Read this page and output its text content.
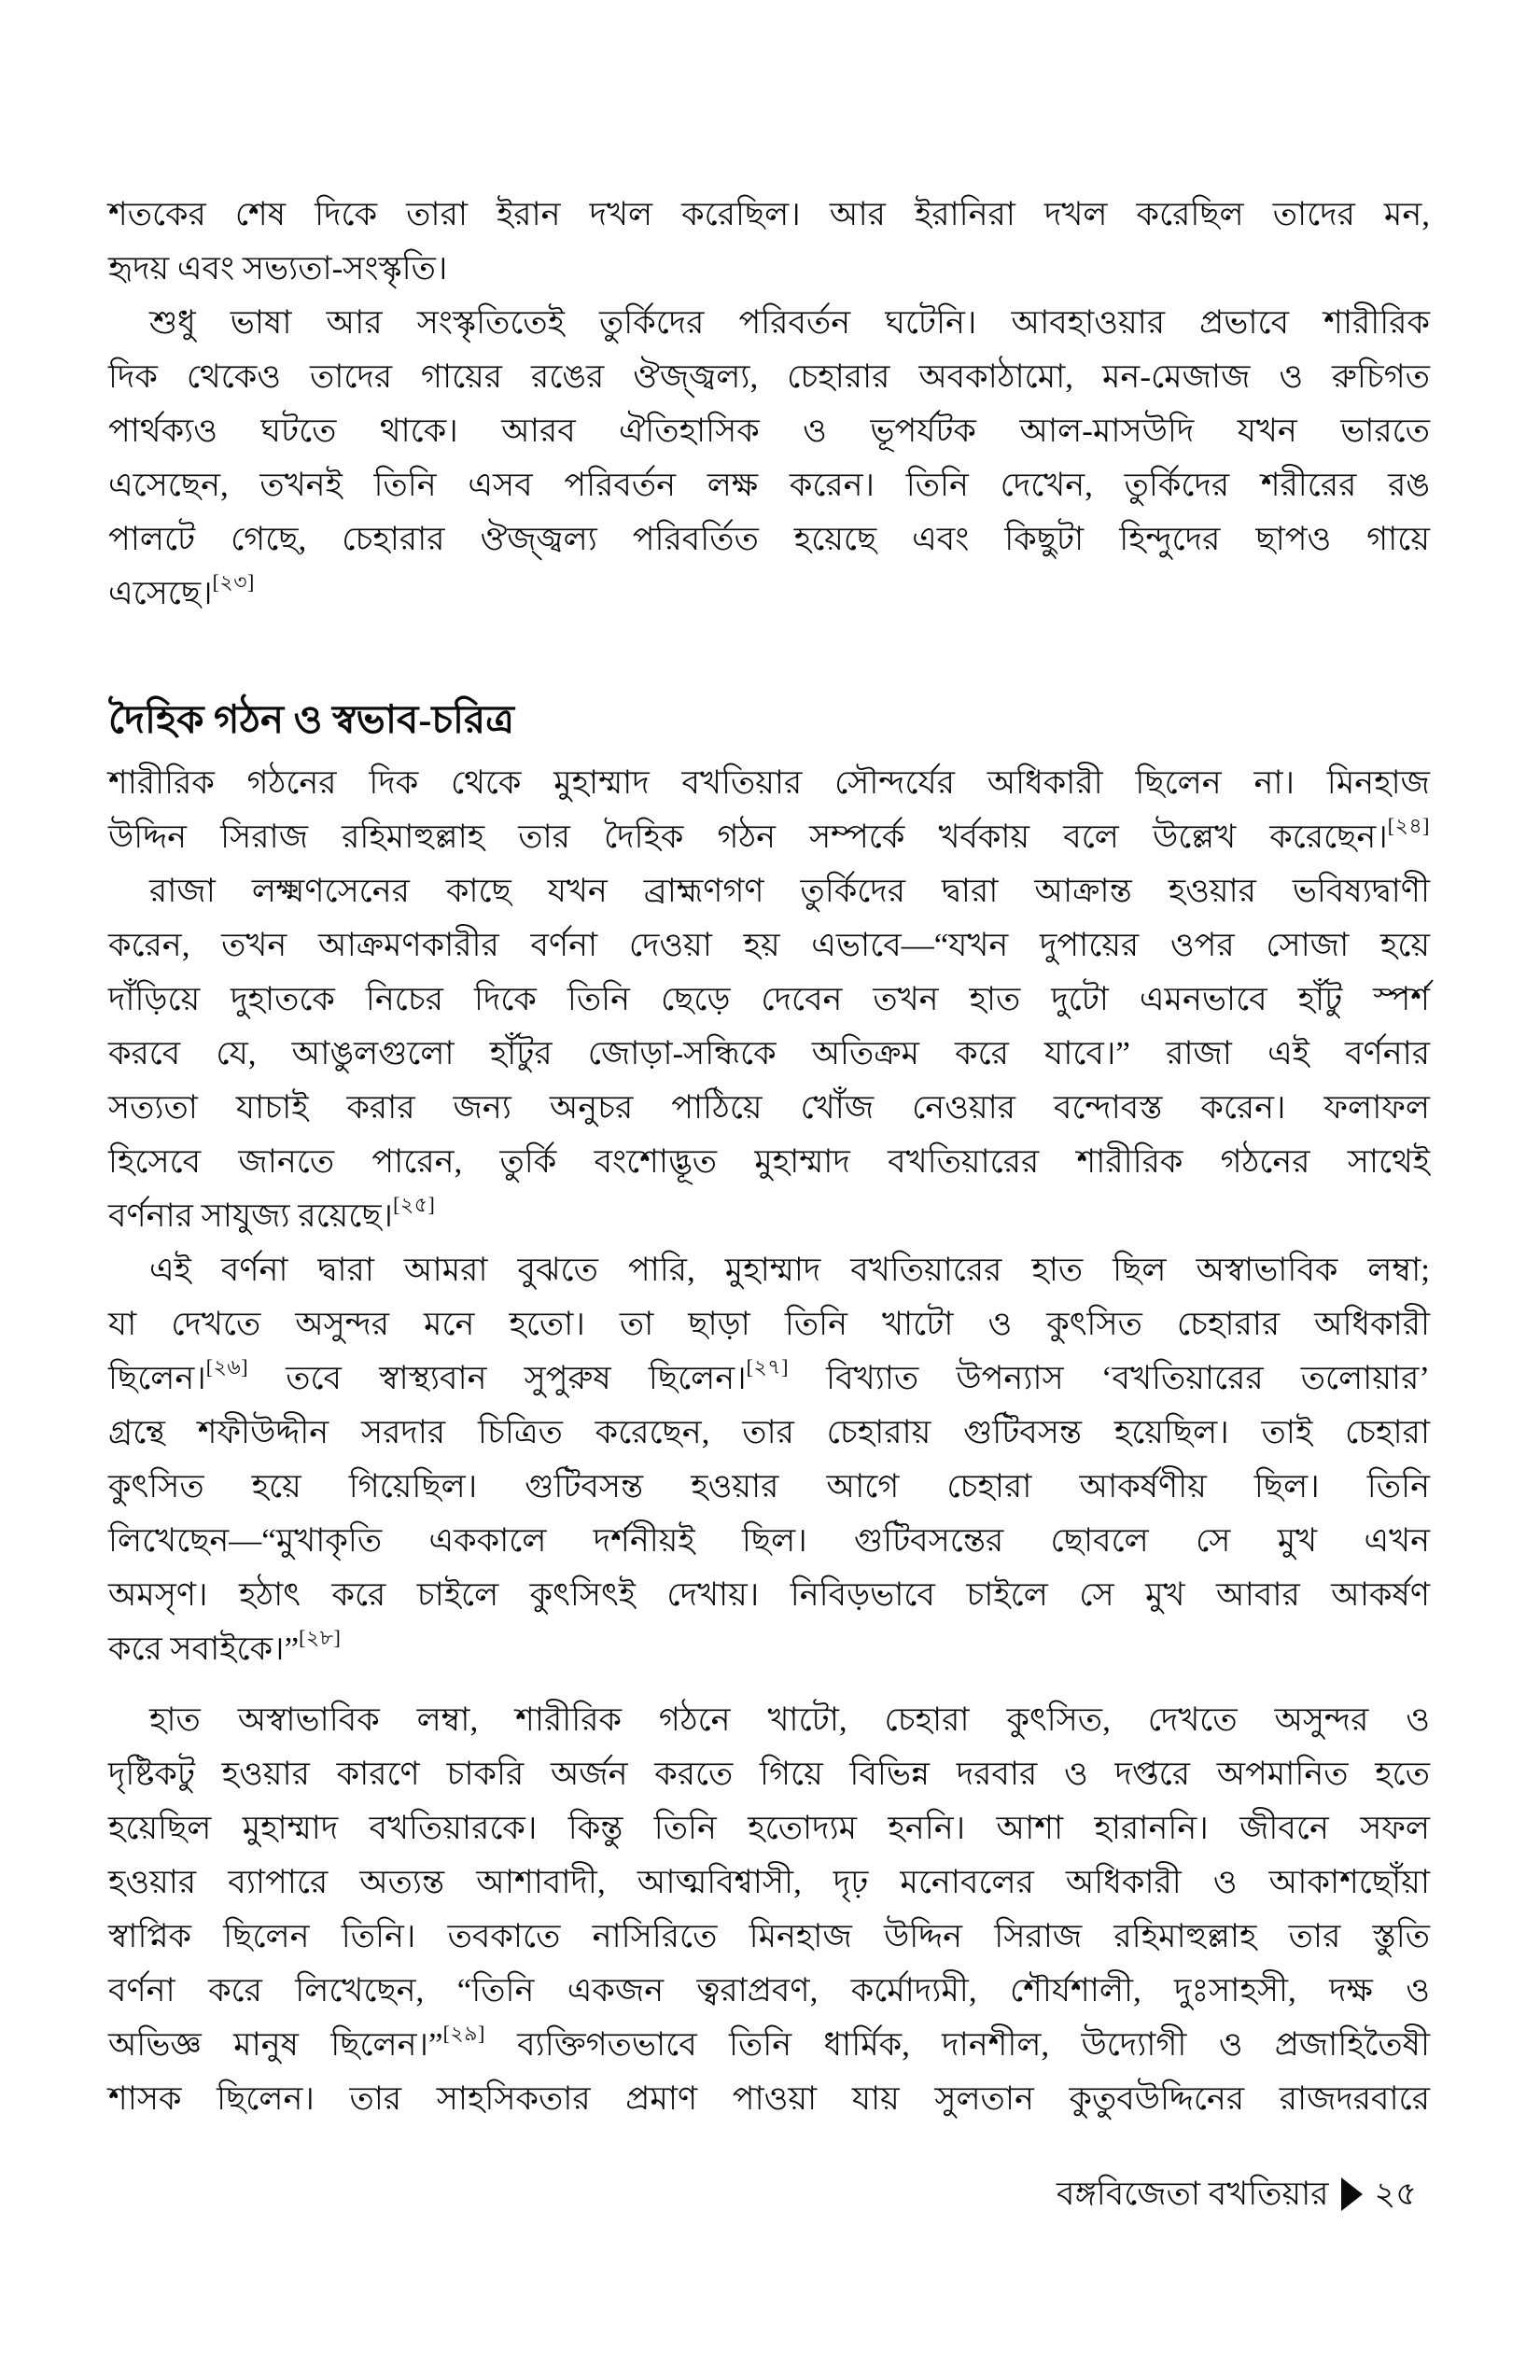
শতকের শেষ দিকে তারা ইরান দখল করেছিল। আর ইরানিরা দখল করেছিল তাদের মন,
হৃদয় এবং সভ্যতা-সংস্কৃতি।
শুধু ভাষা আর সংস্কৃতিতেই তুর্কিদের পরিবর্তন ঘটেনি। আবহাওয়ার প্রভাবে শারীরিক
দিক থেকেও তাদের গায়ের রঙের ঔজ্জ্বল্য, চেহারার অবকাঠামো, মন-মেজাজ ও রুচিগত
পার্থক্যও ঘটতে থাকে। আরব ঐতিহাসিক ও ভূপর্যটক আল-মাসউদি যখন ভারতে
এসেছেন, তখনই তিনি এসব পরিবর্তন লক্ষ করেন। তিনি দেখেন, তুর্কিদের শরীরের রঙ
পালটে গেছে, চেহারার ঔজ্জ্বল্য পরিবর্তিত হয়েছে এবং কিছুটা হিন্দুদের ছাপও গায়ে
এসেছে।[২৩]
দৈহিক গঠন ও স্বভাব-চরিত্র
শারীরিক গঠনের দিক থেকে মুহাম্মাদ বখতিয়ার সৌন্দর্যের অধিকারী ছিলেন না। মিনহাজ
উদ্দিন সিরাজ রহিমাহুল্লাহ তার দৈহিক গঠন সম্পর্কে খর্বকায় বলে উল্লেখ করেছেন।[২৪]
রাজা লক্ষ্মণসেনের কাছে যখন ব্রাহ্মণগণ তুর্কিদের দ্বারা আক্রান্ত হওয়ার ভবিষ্যদ্বাণী
করেন, তখন আক্রমণকারীর বর্ণনা দেওয়া হয় এভাবে—“যখন দুপায়ের ওপর সোজা হয়ে
দাঁড়িয়ে দুহাতকে নিচের দিকে তিনি ছেড়ে দেবেন তখন হাত দুটো এমনভাবে হাঁটু স্পর্শ
করবে যে, আঙুলগুলো হাঁটুর জোড়া-সন্ধিকে অতিক্রম করে যাবে।” রাজা এই বর্ণনার
সত্যতা যাচাই করার জন্য অনুচর পাঠিয়ে খোঁজ নেওয়ার বন্দোবস্ত করেন। ফলাফল
হিসেবে জানতে পারেন, তুর্কি বংশোদ্ভূত মুহাম্মাদ বখতিয়ারের শারীরিক গঠনের সাথেই
বর্ণনার সাযুজ্য রয়েছে।[২৫]
এই বর্ণনা দ্বারা আমরা বুঝতে পারি, মুহাম্মাদ বখতিয়ারের হাত ছিল অস্বাভাবিক লম্বা;
যা দেখতে অসুন্দর মনে হতো। তা ছাড়া তিনি খাটো ও কুৎসিত চেহারার অধিকারী
ছিলেন।[২৬] তবে স্বাস্থ্যবান সুপুরুষ ছিলেন।[২৭] বিখ্যাত উপন্যাস ‘বখতিয়ারের তলোয়ার’
গ্রন্থে শফীউদ্দীন সরদার চিত্রিত করেছেন, তার চেহারায় গুটিবসন্ত হয়েছিল। তাই চেহারা
কুৎসিত হয়ে গিয়েছিল। গুটিবসন্ত হওয়ার আগে চেহারা আকর্ষণীয় ছিল। তিনি
লিখেছেন—“মুখাকৃতি এককালে দর্শনীয়ই ছিল। গুটিবসন্তের ছোবলে সে মুখ এখন
অমসৃণ। হঠাৎ করে চাইলে কুৎসিৎই দেখায়। নিবিড়ভাবে চাইলে সে মুখ আবার আকর্ষণ
করে সবাইকে।”[২৮]
হাত অস্বাভাবিক লম্বা, শারীরিক গঠনে খাটো, চেহারা কুৎসিত, দেখতে অসুন্দর ও
দৃষ্টিকটু হওয়ার কারণে চাকরি অর্জন করতে গিয়ে বিভিন্ন দরবার ও দপ্তরে অপমানিত হতে
হয়েছিল মুহাম্মাদ বখতিয়ারকে। কিন্তু তিনি হতোদ্যম হননি। আশা হারাননি। জীবনে সফল
হওয়ার ব্যাপারে অত্যন্ত আশাবাদী, আত্মবিশ্বাসী, দৃঢ় মনোবলের অধিকারী ও আকাশছোঁয়া
স্বাপ্নিক ছিলেন তিনি। তবকাতে নাসিরিতে মিনহাজ উদ্দিন সিরাজ রহিমাহুল্লাহ তার স্তুতি
বর্ণনা করে লিখেছেন, “তিনি একজন ত্বরাপ্রবণ, কর্মোদ্যমী, শৌর্যশালী, দুঃসাহসী, দক্ষ ও
অভিজ্ঞ মানুষ ছিলেন।”[২৯] ব্যক্তিগতভাবে তিনি ধার্মিক, দানশীল, উদ্যোগী ও প্রজাহিতৈষী
শাসক ছিলেন। তার সাহসিকতার প্রমাণ পাওয়া যায় সুলতান কুতুবউদ্দিনের রাজদরবারে
বঙ্গবিজেতা বখতিয়ার ২৫
